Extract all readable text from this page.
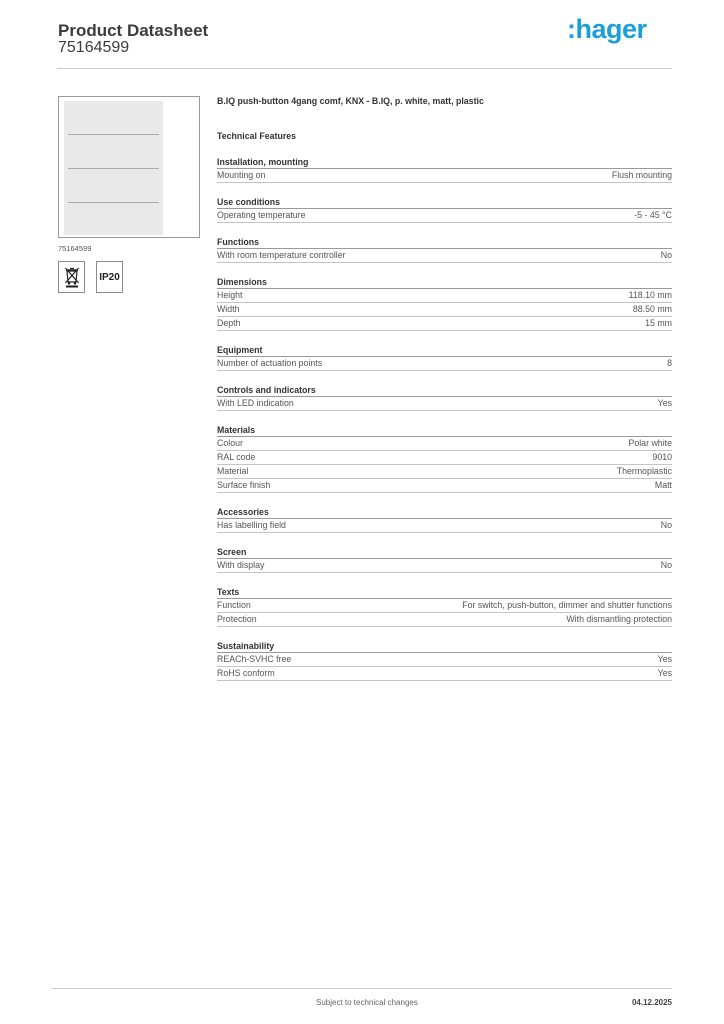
Product Datasheet
75164599
:hager
75164599
IP20
B.IQ push-button 4gang comf, KNX - B.IQ, p. white, matt, plastic
Technical Features
Installation, mounting
Mounting on	Flush mounting
Use conditions
Operating temperature	-5 - 45 °C
Functions
With room temperature controller	No
Dimensions
Height	118.10 mm
Width	88.50 mm
Depth	15 mm
Equipment
Number of actuation points	8
Controls and indicators
With LED indication	Yes
Materials
Colour	Polar white
RAL code	9010
Material	Thermoplastic
Surface finish	Matt
Accessories
Has labelling field	No
Screen
With display	No
Texts
Function	For switch, push-button, dimmer and shutter functions
Protection	With dismantling protection
Sustainability
REACh-SVHC free	Yes
RoHS conform	Yes
Subject to technical changes	04.12.2025
